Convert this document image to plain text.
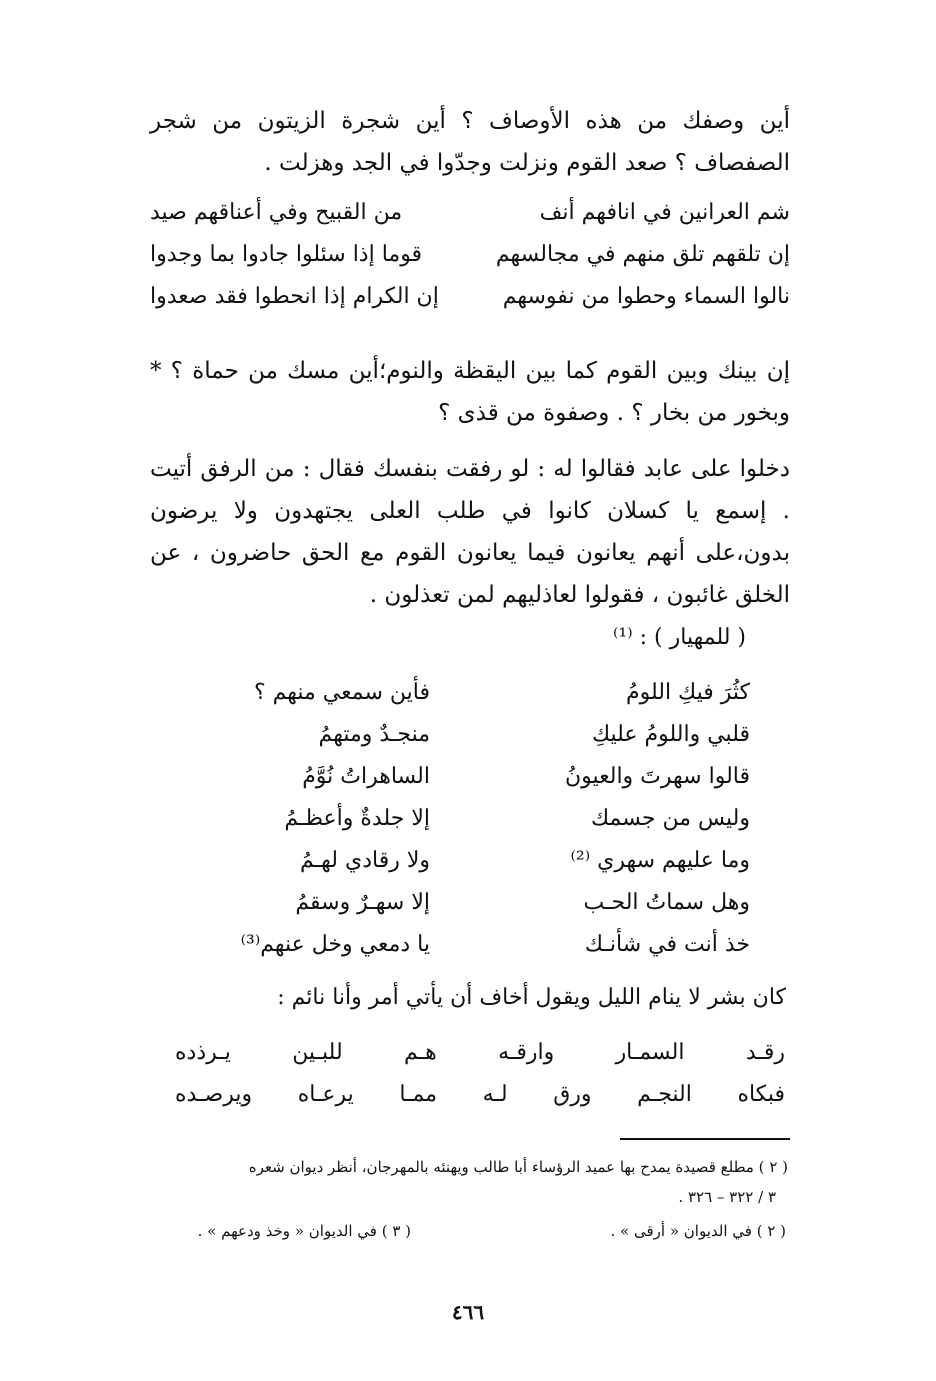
أين وصفك من هذه الأوصاف ؟ أين شجرة الزيتون من شجر الصفصاف ؟ صعد القوم ونزلت وجدّوا في الجد وهزلت .
شم العرانين في انافهم أنف
من القبيح وفي أعناقهم صيد
إن تلقهم تلق منهم في مجالسهم
قوما إذا سئلوا جادوا بما وجدوا
نالوا السماء وحطوا من نفوسهم
إن الكرام إذا انحطوا فقد صعدوا
إن بينك وبين القوم كما بين اليقظة والنوم؛أين مسك من حماة ؟ * وبخور من بخار ؟ . وصفوة من قذى ؟
دخلوا على عابد فقالوا له : لو رفقت بنفسك فقال : من الرفق أتيت . إسمع يا كسلان كانوا في طلب العلى يجتهدون ولا يرضون بدون،على أنهم يعانون فيما يعانون القوم مع الحق حاضرون ، عن الخلق غائبون ، فقولوا لعاذليهم لمن تعذلون .
( للمهيار ) : ⁽¹⁾
كثُرَ فيكِ اللومُ
فأين سمعي منهم ؟
قلبي واللومُ عليكِ
منجـدٌ ومتهمُ
قالوا سهرتَ والعيونُ
الساهراتُ نُوَّمُ
وليس من جسمك
إلا جلدةٌ وأعظـمُ
وما عليهم سهري ⁽²⁾
ولا رقادي لهـمُ
وهل سماتُ الحـب
إلا سهـرٌ وسقمُ
خذ أنت في شأنـك
يا دمعي وخل عنهم⁽³⁾
كان بشر لا ينام الليل ويقول أخاف أن يأتي أمر وأنا نائم :
رقـد
السمـار
وارقـه
هـم
للبـين
يـرذده
فبكاه
النجـم
ورق
لـه
ممـا
يرعـاه
ويرصـده
( ٢ ) مطلع قصيدة يمدح بها عميد الرؤساء أبا طالب ويهنئه بالمهرجان، أنظر ديوان شعره
٣ / ٣٢٢ – ٣٢٦ .
( ٢ ) في الديوان « أرقى » .
( ٣ ) في الديوان « وخذ ودعهم » .
٤٦٦
